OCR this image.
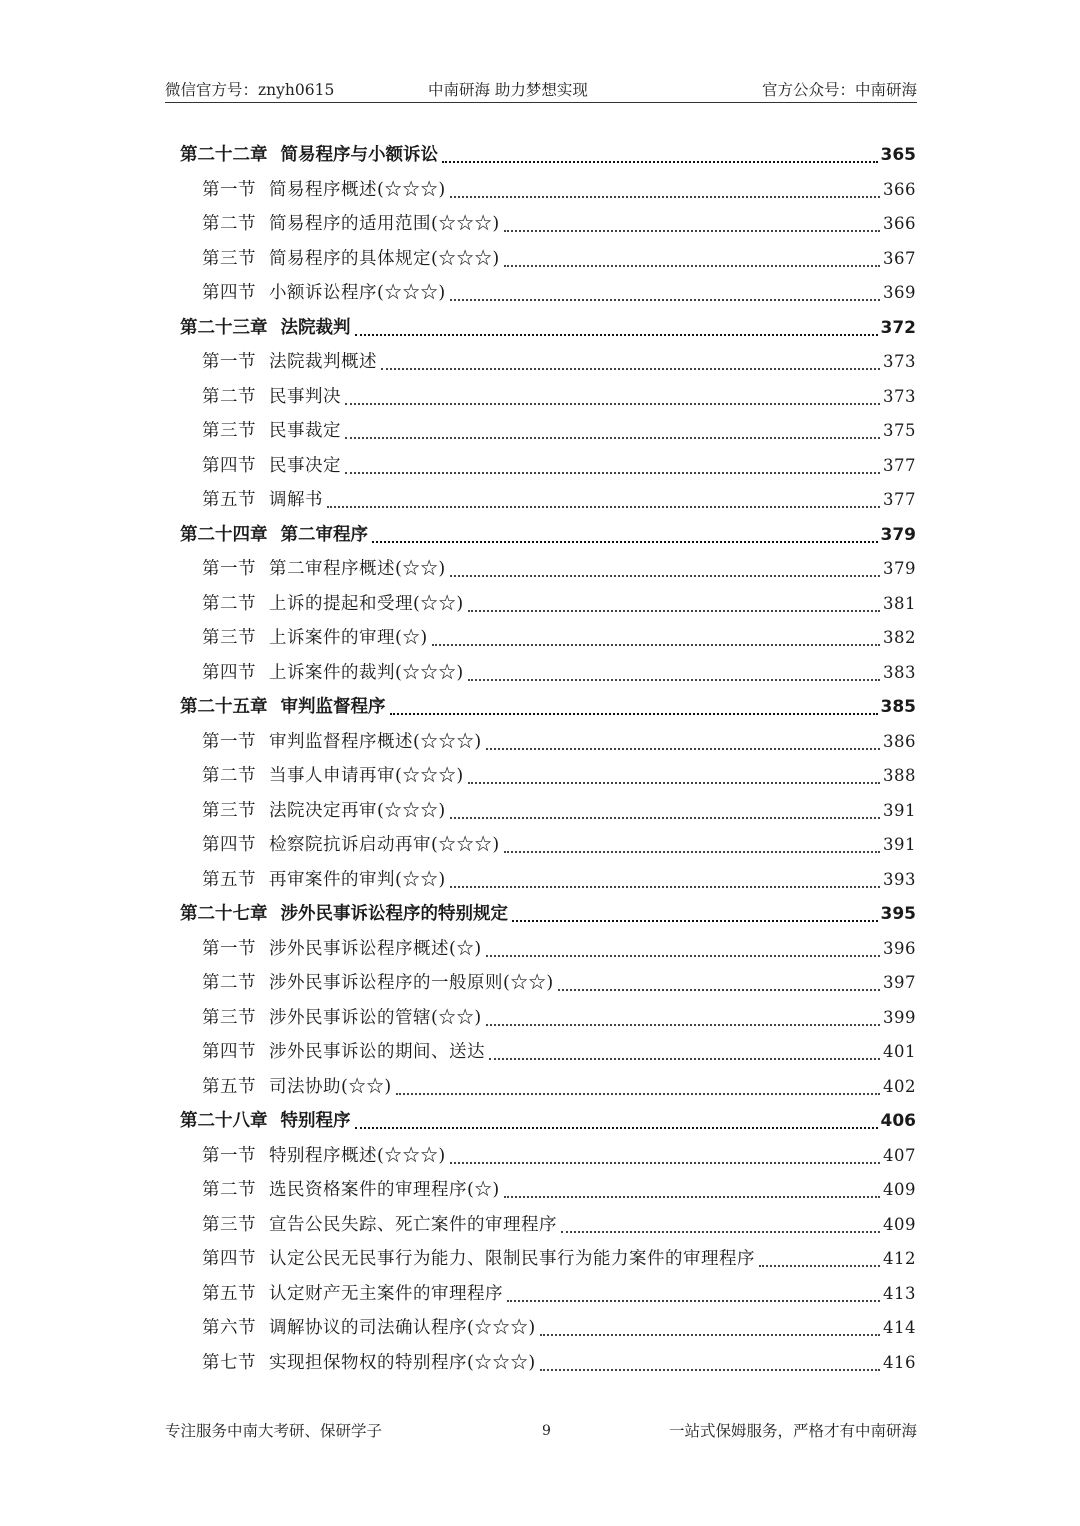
微信官方号：znyh0615	中南研海 助力梦想实现	官方公众号：中南研海
第二十二章 简易程序与小额诉讼	365
第一节 简易程序概述(☆☆☆)	366
第二节 简易程序的适用范围(☆☆☆)	366
第三节 简易程序的具体规定(☆☆☆)	367
第四节 小额诉讼程序(☆☆☆)	369
第二十三章 法院裁判	372
第一节 法院裁判概述	373
第二节 民事判决	373
第三节 民事裁定	375
第四节 民事决定	377
第五节 调解书	377
第二十四章 第二审程序	379
第一节 第二审程序概述(☆☆)	379
第二节 上诉的提起和受理(☆☆)	381
第三节 上诉案件的审理(☆)	382
第四节 上诉案件的裁判(☆☆☆)	383
第二十五章 审判监督程序	385
第一节 审判监督程序概述(☆☆☆)	386
第二节 当事人申请再审(☆☆☆)	388
第三节 法院决定再审(☆☆☆)	391
第四节 检察院抗诉启动再审(☆☆☆)	391
第五节 再审案件的审判(☆☆)	393
第二十七章 涉外民事诉讼程序的特别规定	395
第一节 涉外民事诉讼程序概述(☆)	396
第二节 涉外民事诉讼程序的一般原则(☆☆)	397
第三节 涉外民事诉讼的管辖(☆☆)	399
第四节 涉外民事诉讼的期间、送达	401
第五节 司法协助(☆☆)	402
第二十八章 特别程序	406
第一节 特别程序概述(☆☆☆)	407
第二节 选民资格案件的审理程序(☆)	409
第三节 宣告公民失踪、死亡案件的审理程序	409
第四节 认定公民无民事行为能力、限制民事行为能力案件的审理程序	412
第五节 认定财产无主案件的审理程序	413
第六节 调解协议的司法确认程序(☆☆☆)	414
第七节 实现担保物权的特别程序(☆☆☆)	416
专注服务中南大考研、保研学子	9	一站式保姆服务，严格才有中南研海
